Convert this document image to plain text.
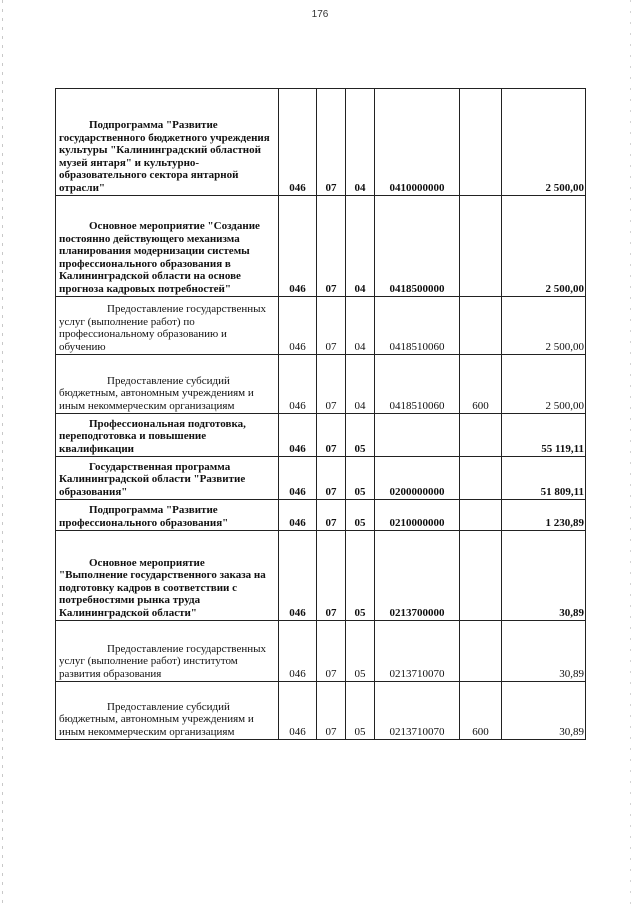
176
Подпрограмма "Развитие государственного бюджетного учреждения культуры "Калининградский областной музей янтаря" и культурно-образовательного сектора янтарной отрасли"	046	07	04	0410000000		2 500,00
Основное мероприятие "Создание постоянно действующего механизма планирования модернизации системы профессионального образования в Калининградской области на основе прогноза кадровых потребностей"	046	07	04	0418500000		2 500,00
Предоставление государственных услуг (выполнение работ) по профессиональному образованию и обучению	046	07	04	0418510060		2 500,00
Предоставление субсидий бюджетным, автономным учреждениям и иным некоммерческим организациям	046	07	04	0418510060	600	2 500,00
Профессиональная подготовка, переподготовка и повышение квалификации	046	07	05			55 119,11
Государственная программа Калининградской области "Развитие образования"	046	07	05	0200000000		51 809,11
Подпрограмма "Развитие профессионального образования"	046	07	05	0210000000		1 230,89
Основное мероприятие "Выполнение государственного заказа на подготовку кадров в соответствии с потребностями рынка труда Калининградской области"	046	07	05	0213700000		30,89
Предоставление государственных услуг (выполнение работ) институтом развития образования	046	07	05	0213710070		30,89
Предоставление субсидий бюджетным, автономным учреждениям и иным некоммерческим организациям	046	07	05	0213710070	600	30,89
